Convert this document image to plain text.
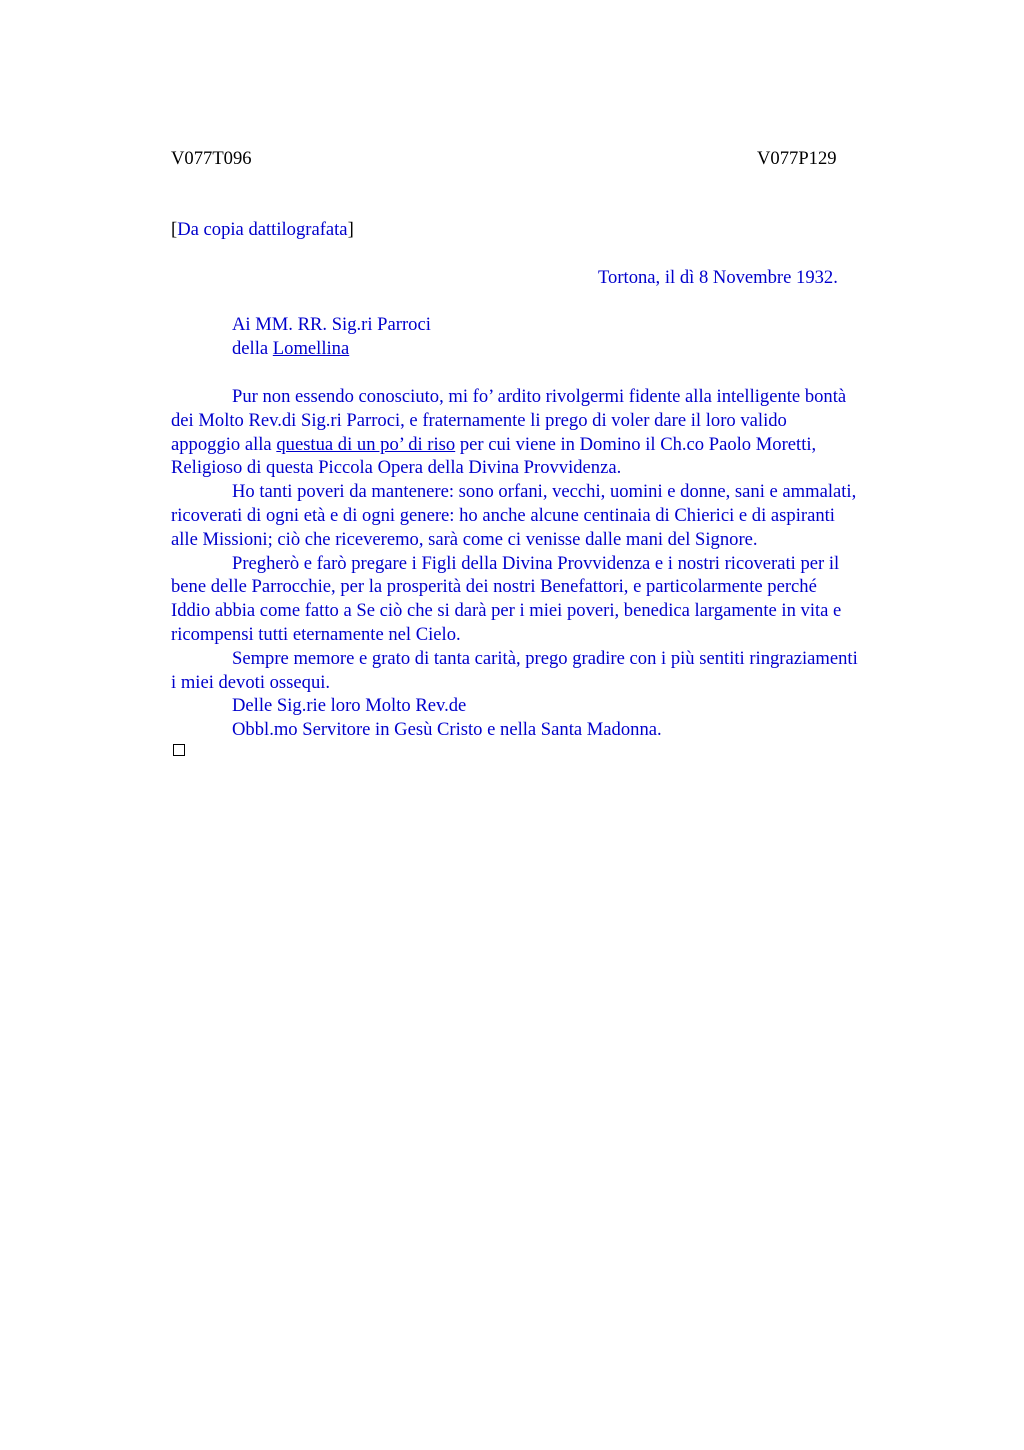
V077T096	V077P129
[Da copia dattilografata]
Tortona, il dì 8 Novembre 1932.
Ai MM. RR. Sig.ri Parroci
della Lomellina

Pur non essendo conosciuto, mi fo’ ardito rivolgermi fidente alla intelligente bontà

dei Molto Rev.di Sig.ri Parroci, e fraternamente li prego di voler dare il loro valido

appoggio alla questua di un po’ di riso per cui viene in Domino il Ch.co Paolo Moretti,

Religioso di questa Piccola Opera della Divina Provvidenza.

Ho tanti poveri da mantenere: sono orfani, vecchi, uomini e donne, sani e ammalati,

ricoverati di ogni età e di ogni genere: ho anche alcune centinaia di Chierici e di aspiranti

alle Missioni; ciò che riceveremo, sarà come ci venisse dalle mani del Signore.

Pregherò e farò pregare i Figli della Divina Provvidenza e i nostri ricoverati per il

bene delle Parrocchie, per la prosperità dei nostri Benefattori, e particolarmente perché

Iddio abbia come fatto a Se ciò che si darà per i miei poveri, benedica largamente in vita e

ricompensi tutti eternamente nel Cielo.

Sempre memore e grato di tanta carità, prego gradire con i più sentiti ringraziamenti

i miei devoti ossequi.

Delle Sig.rie loro Molto Rev.de

Obbl.mo Servitore in Gesù Cristo e nella Santa Madonna.
